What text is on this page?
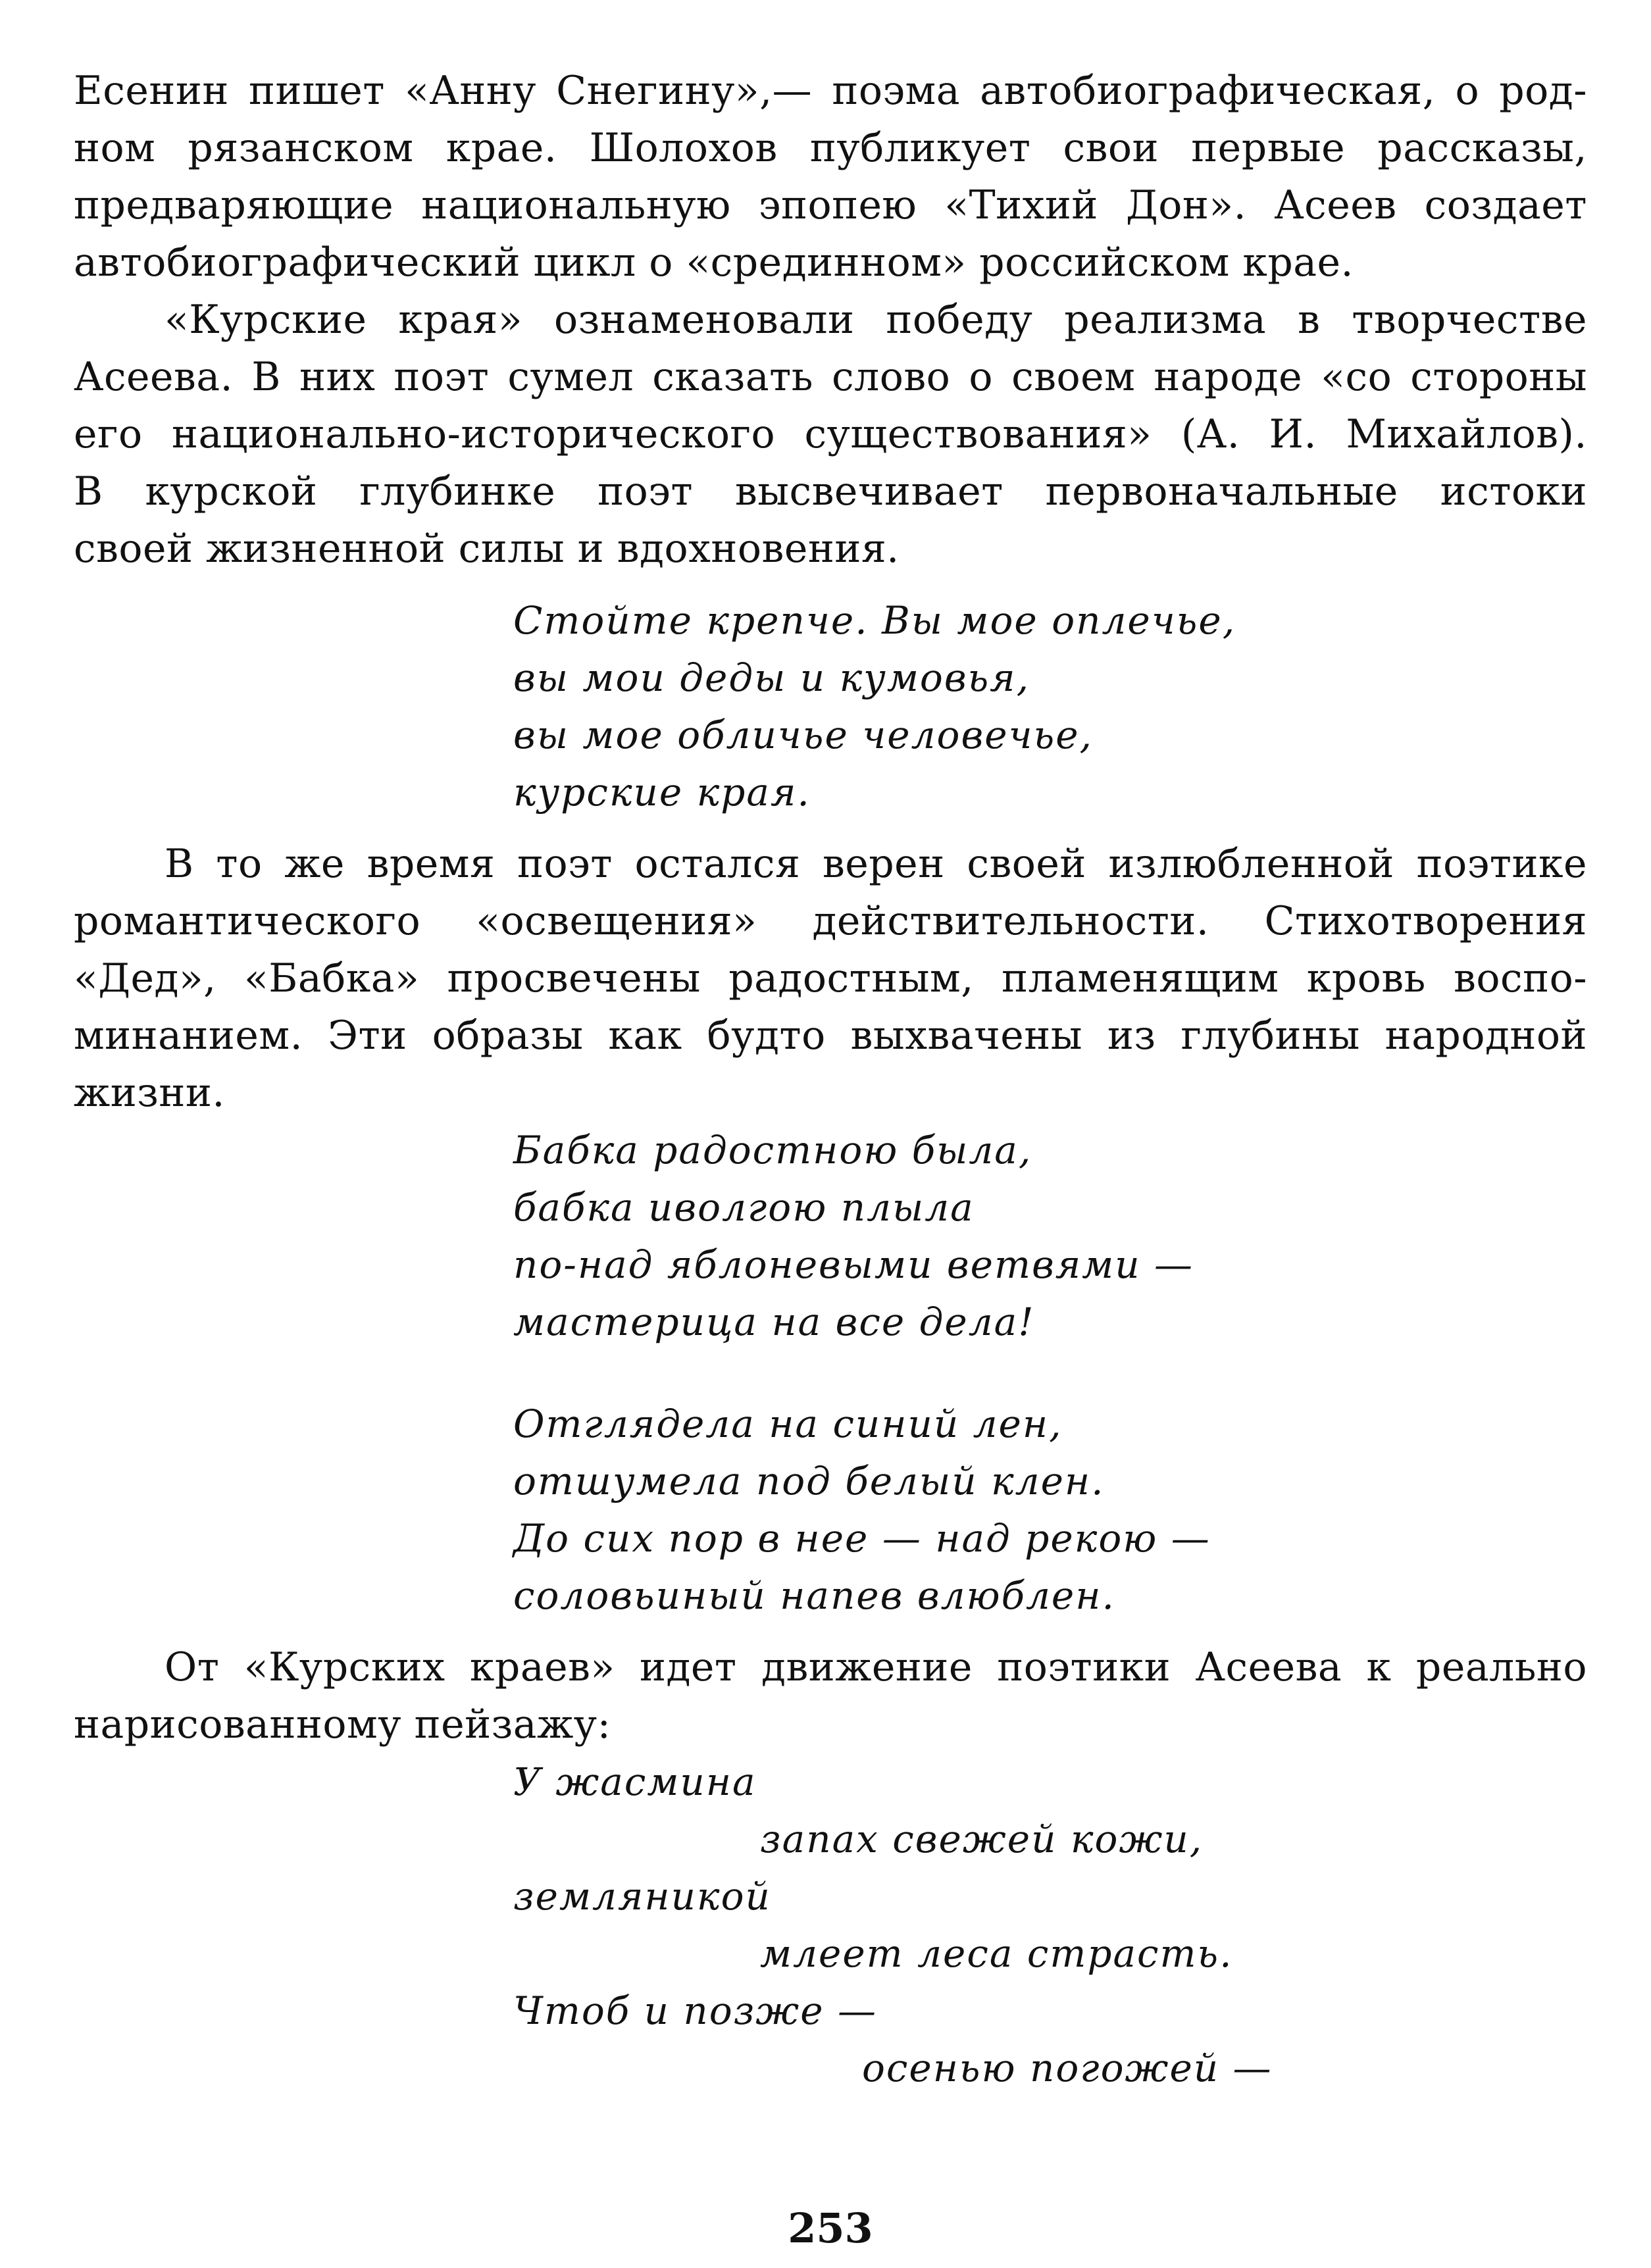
Есенин пишет «Анну Снегину»,— поэма автобиографическая, о род-
ном рязанском крае. Шолохов публикует свои первые рассказы,
предваряющие национальную эпопею «Тихий Дон». Асеев создает
автобиографический цикл о «срединном» российском крае.

«Курские края» ознаменовали победу реализма в творчестве
Асеева. В них поэт сумел сказать слово о своем народе «со стороны
его национально-исторического существования» (А. И. Михайлов).
В курской глубинке поэт высвечивает первоначальные истоки
своей жизненной силы и вдохновения.

Стойте крепче. Вы мое оплечье,
вы мои деды и кумовья,
вы мое обличье человечье,
курские края.

В то же время поэт остался верен своей излюбленной поэтике
романтического «освещения» действительности. Стихотворения
«Дед», «Бабка» просвечены радостным, пламенящим кровь воспо-
минанием. Эти образы как будто выхвачены из глубины народной
жизни.

Бабка радостною была,
бабка иволгою плыла
по-над яблоневыми ветвями —
мастерица на все дела!
Отглядела на синий лен,
отшумела под белый клен.
До сих пор в нее — над рекою —
соловьиный напев влюблен.

От «Курских краев» идет движение поэтики Асеева к реально
нарисованному пейзажу:

У жасмина
запах свежей кожи,
земляникой
млеет леса страсть.
Чтоб и позже —
осенью погожей —
253
